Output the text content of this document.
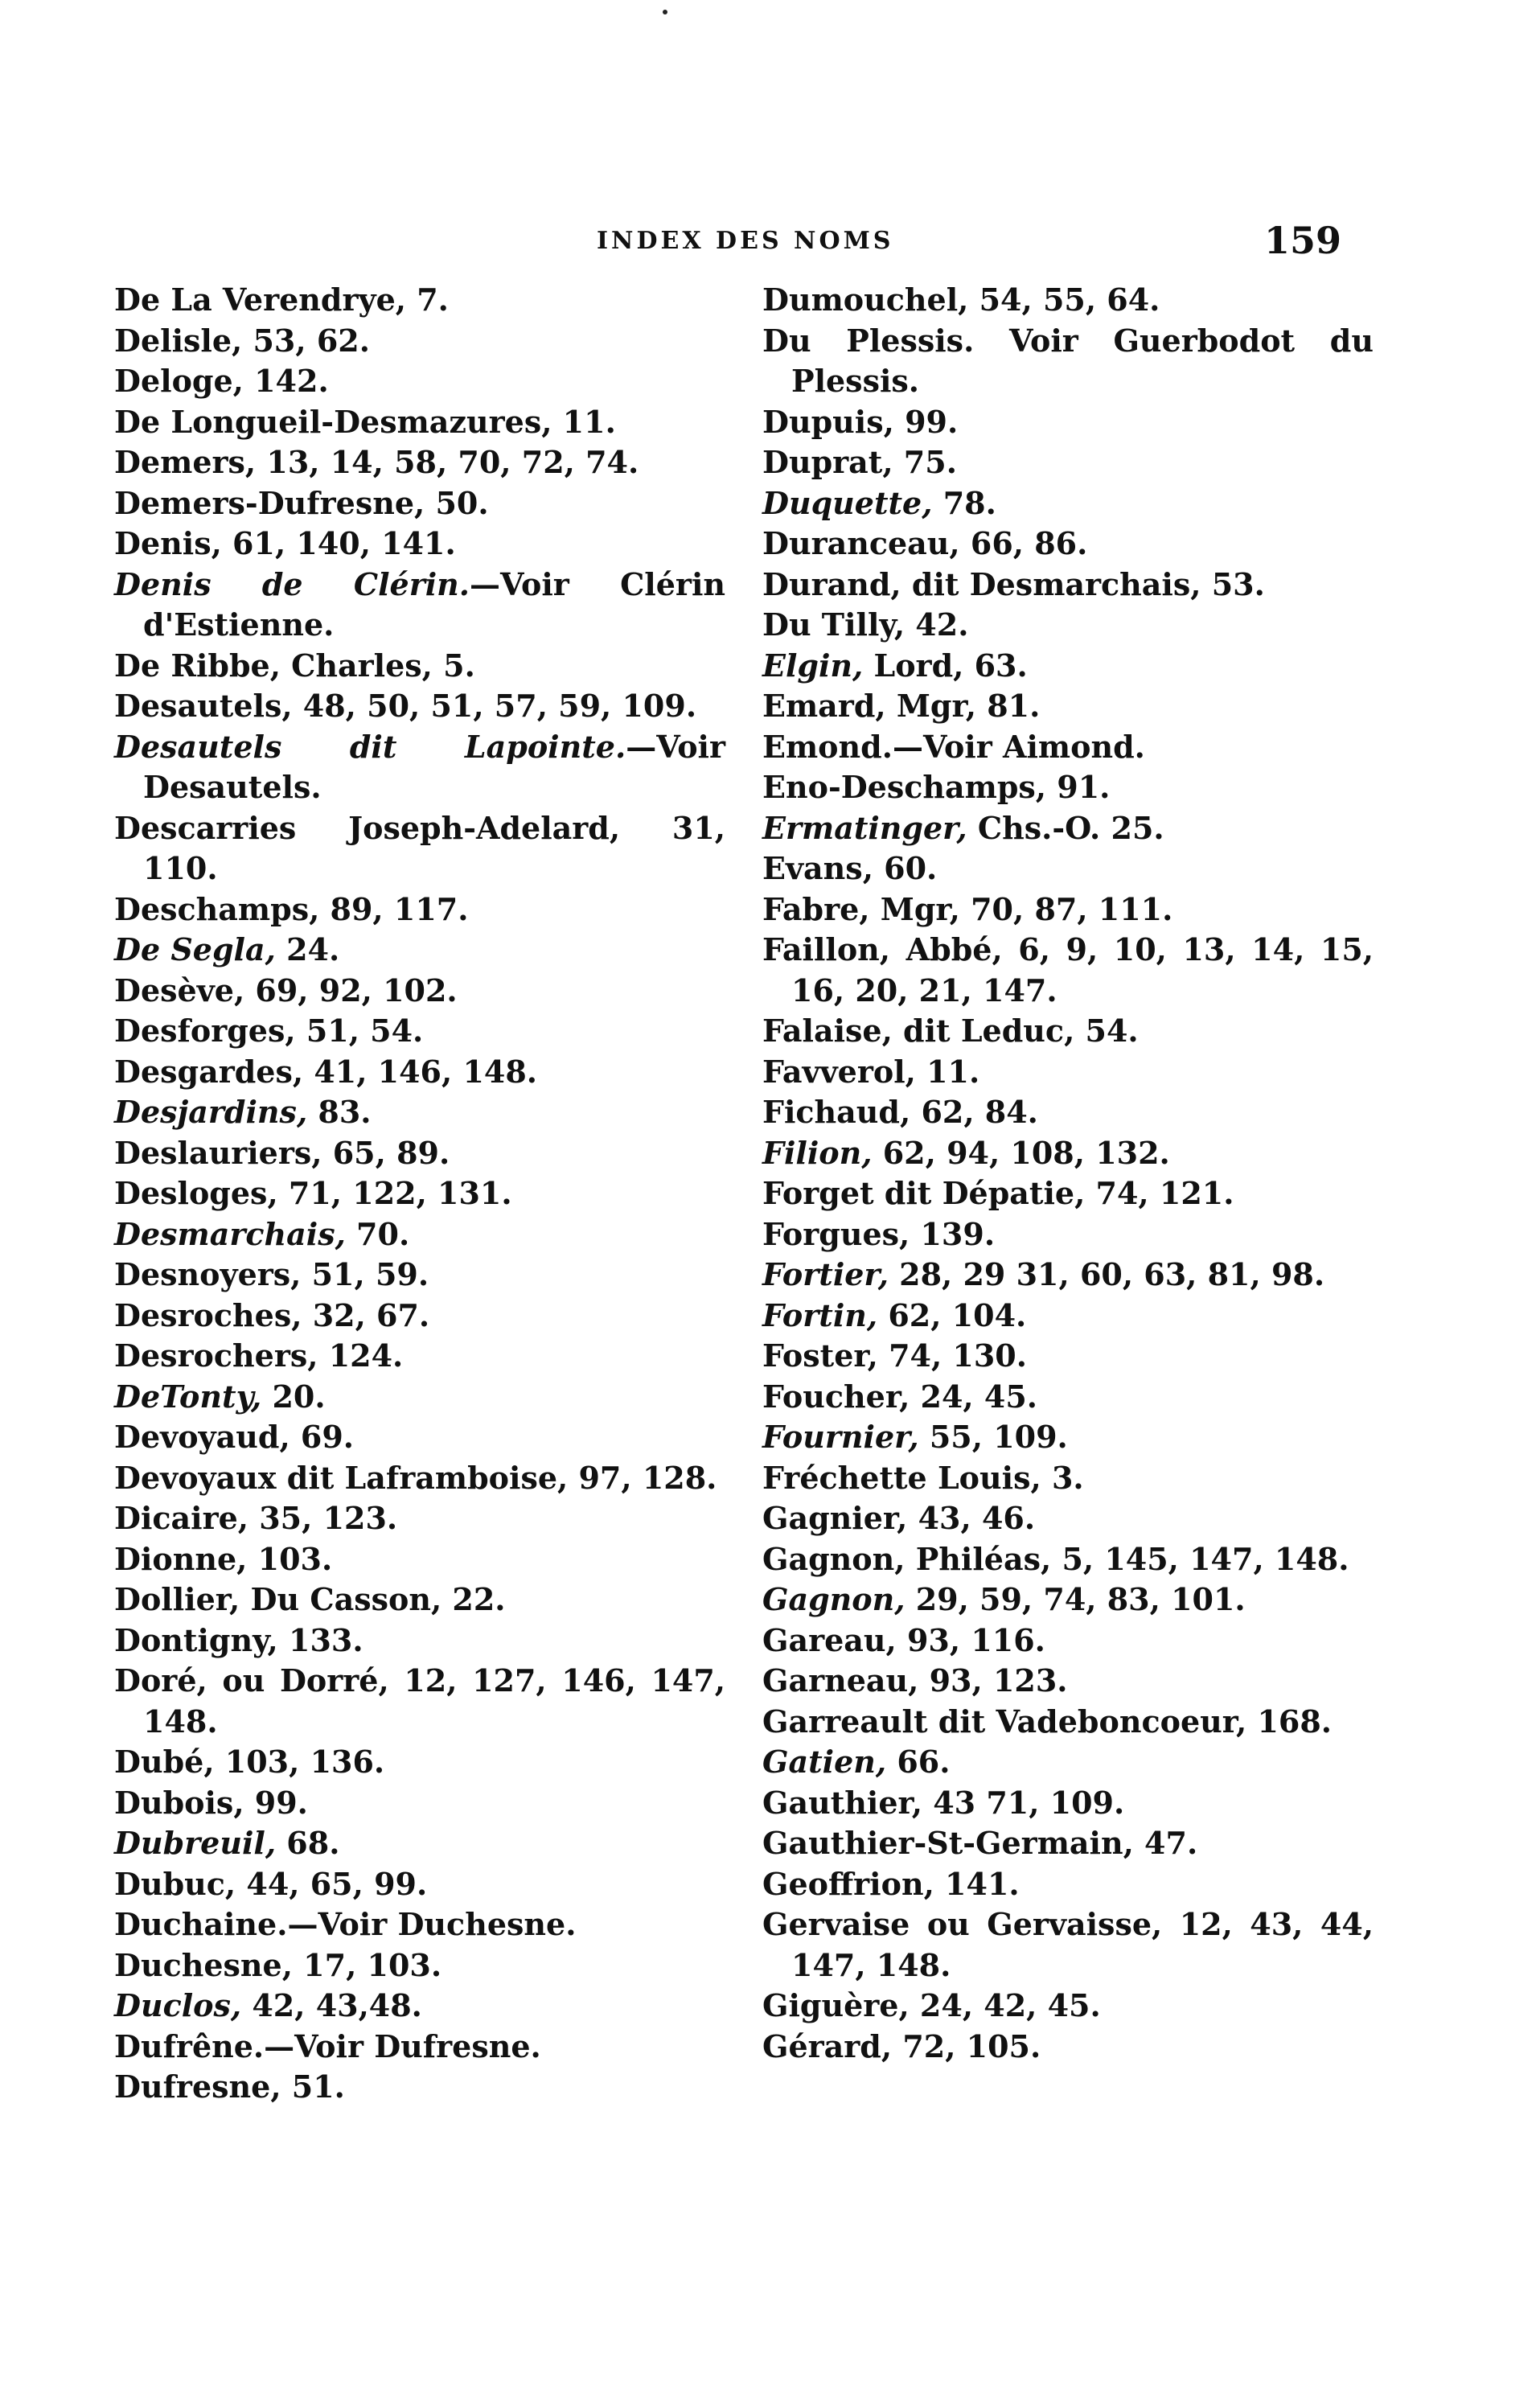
INDEX DES NOMS	159
De La Verendrye, 7.
Delisle, 53, 62.
Deloge, 142.
De Longueil-Desmazures, 11.
Demers, 13, 14, 58, 70, 72, 74.
Demers-Dufresne, 50.
Denis, 61, 140, 141.
Denis de Clérin.—Voir Clérin d'Estienne.
De Ribbe, Charles, 5.
Desautels, 48, 50, 51, 57, 59, 109.
Desautels dit Lapointe.—Voir Desautels.
Descarries Joseph-Adelard, 31, 110.
Deschamps, 89, 117.
De Segla, 24.
Desève, 69, 92, 102.
Desforges, 51, 54.
Desgardes, 41, 146, 148.
Desjardins, 83.
Deslauriers, 65, 89.
Desloges, 71, 122, 131.
Desmarchais, 70.
Desnoyers, 51, 59.
Desroches, 32, 67.
Desrochers, 124.
DeTonty, 20.
Devoyaud, 69.
Devoyaux dit Laframboise, 97, 128.
Dicaire, 35, 123.
Dionne, 103.
Dollier, Du Casson, 22.
Dontigny, 133.
Doré, ou Dorré, 12, 127, 146, 147, 148.
Dubé, 103, 136.
Dubois, 99.
Dubreuil, 68.
Dubuc, 44, 65, 99.
Duchaine.—Voir Duchesne.
Duchesne, 17, 103.
Duclos, 42, 43,48.
Dufrêne.—Voir Dufresne.
Dufresne, 51.
Dumouchel, 54, 55, 64.
Du Plessis. Voir Guerbodot du Plessis.
Dupuis, 99.
Duprat, 75.
Duquette, 78.
Duranceau, 66, 86.
Durand, dit Desmarchais, 53.
Du Tilly, 42.
Elgin, Lord, 63.
Emard, Mgr, 81.
Emond.—Voir Aimond.
Eno-Deschamps, 91.
Ermatinger, Chs.-O. 25.
Evans, 60.
Fabre, Mgr, 70, 87, 111.
Faillon, Abbé, 6, 9, 10, 13, 14, 15, 16, 20, 21, 147.
Falaise, dit Leduc, 54.
Favverol, 11.
Fichaud, 62, 84.
Filion, 62, 94, 108, 132.
Forget dit Dépatie, 74, 121.
Forgues, 139.
Fortier, 28, 29 31, 60, 63, 81, 98.
Fortin, 62, 104.
Foster, 74, 130.
Foucher, 24, 45.
Fournier, 55, 109.
Fréchette Louis, 3.
Gagnier, 43, 46.
Gagnon, Philéas, 5, 145, 147, 148.
Gagnon, 29, 59, 74, 83, 101.
Gareau, 93, 116.
Garneau, 93, 123.
Garreault dit Vadeboncoeur, 168.
Gatien, 66.
Gauthier, 43 71, 109.
Gauthier-St-Germain, 47.
Geoffrion, 141.
Gervaise ou Gervaisse, 12, 43, 44, 147, 148.
Giguère, 24, 42, 45.
Gérard, 72, 105.
